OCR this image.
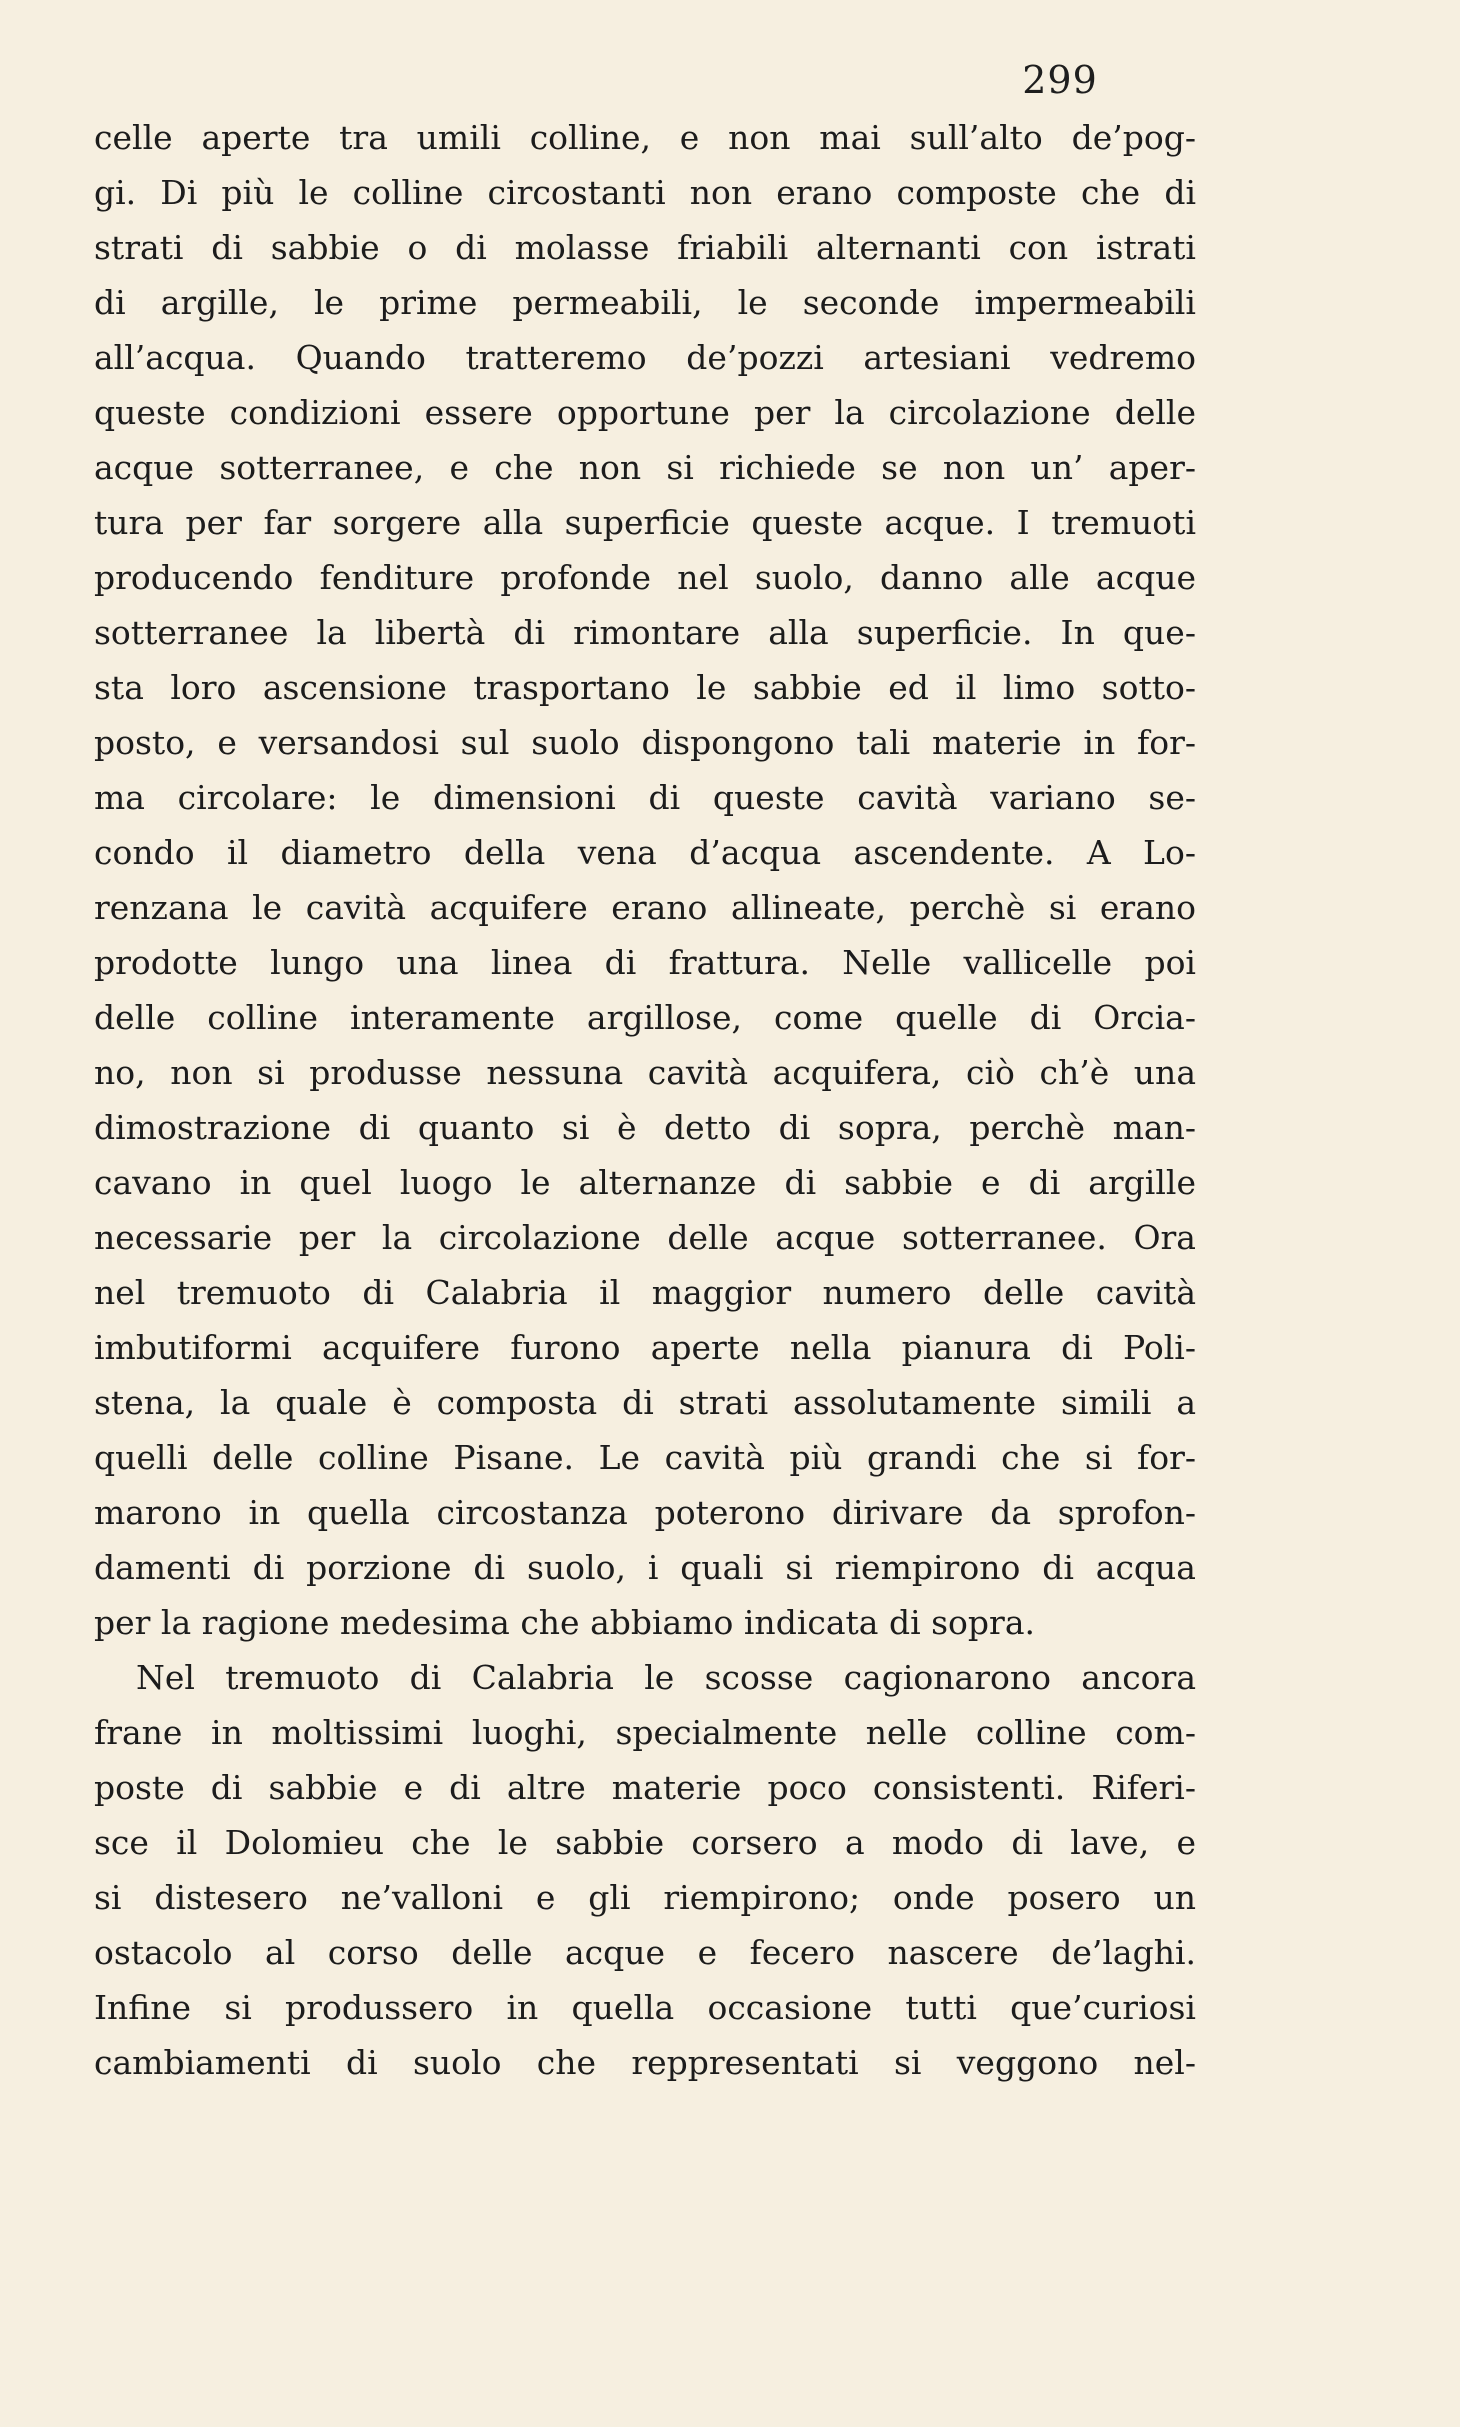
299
celle aperte tra umili colline, e non mai sull’alto de’pog-
gi. Di più le colline circostanti non erano composte che di
strati di sabbie o di molasse friabili alternanti con istrati
di argille, le prime permeabili, le seconde impermeabili
all’acqua. Quando tratteremo de’pozzi artesiani vedremo
queste condizioni essere opportune per la circolazione delle
acque sotterranee, e che non si richiede se non un’ aper-
tura per far sorgere alla superficie queste acque. I tremuoti
producendo fenditure profonde nel suolo, danno alle acque
sotterranee la libertà di rimontare alla superficie. In que-
sta loro ascensione trasportano le sabbie ed il limo sotto-
posto, e versandosi sul suolo dispongono tali materie in for-
ma circolare: le dimensioni di queste cavità variano se-
condo il diametro della vena d’acqua ascendente. A Lo-
renzana le cavità acquifere erano allineate, perchè si erano
prodotte lungo una linea di frattura. Nelle vallicelle poi
delle colline interamente argillose, come quelle di Orcia-
no, non si produsse nessuna cavità acquifera, ciò ch’è una
dimostrazione di quanto si è detto di sopra, perchè man-
cavano in quel luogo le alternanze di sabbie e di argille
necessarie per la circolazione delle acque sotterranee. Ora
nel tremuoto di Calabria il maggior numero delle cavità
imbutiformi acquifere furono aperte nella pianura di Poli-
stena, la quale è composta di strati assolutamente simili a
quelli delle colline Pisane. Le cavità più grandi che si for-
marono in quella circostanza poterono dirivare da sprofon-
damenti di porzione di suolo, i quali si riempirono di acqua
per la ragione medesima che abbiamo indicata di sopra.
Nel tremuoto di Calabria le scosse cagionarono ancora
frane in moltissimi luoghi, specialmente nelle colline com-
poste di sabbie e di altre materie poco consistenti. Riferi-
sce il Dolomieu che le sabbie corsero a modo di lave, e
si distesero ne’valloni e gli riempirono; onde posero un
ostacolo al corso delle acque e fecero nascere de’laghi.
Infine si produssero in quella occasione tutti que’curiosi
cambiamenti di suolo che reppresentati si veggono nel-
